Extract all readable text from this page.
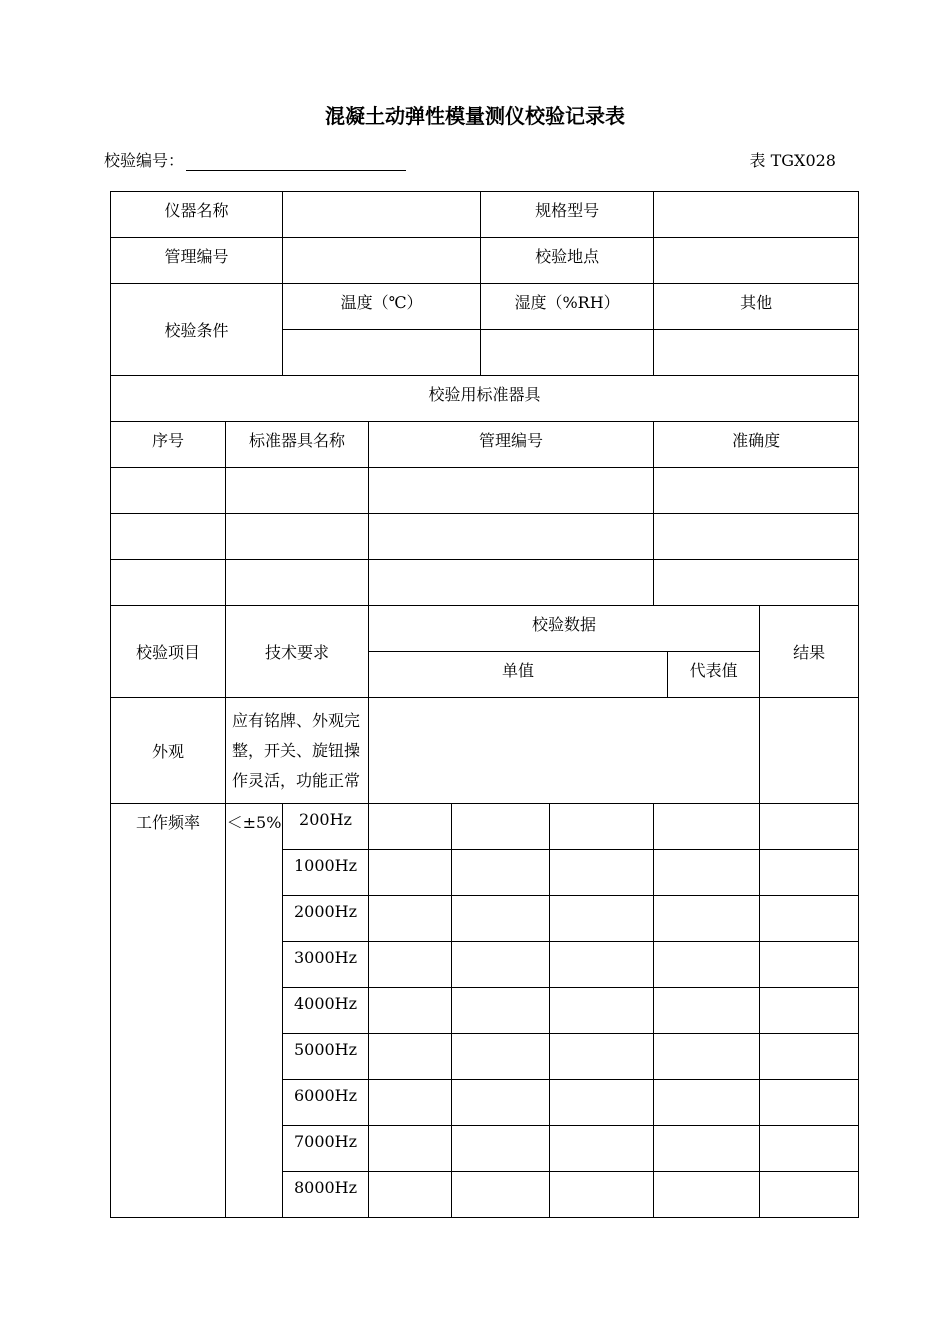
混凝土动弹性模量测仪校验记录表
校验编号：	表 TGX028
仪器名称					规格型号				
管理编号					校验地点				
校验条件		温度（℃）			湿度（%RH）		其他		

校验用标准器具									
序号	标准器具名称		管理编号				准确度		

校验项目	技术要求		校验数据						结果
			单值					代表值	
外观	应有铭牌、外观完整，开关、旋钮操作灵活，功能正常								
工作频率	＜±5%	200Hz							
		1000Hz							
		2000Hz							
		3000Hz							
		4000Hz							
		5000Hz							
		6000Hz							
		7000Hz							
		8000Hz							
